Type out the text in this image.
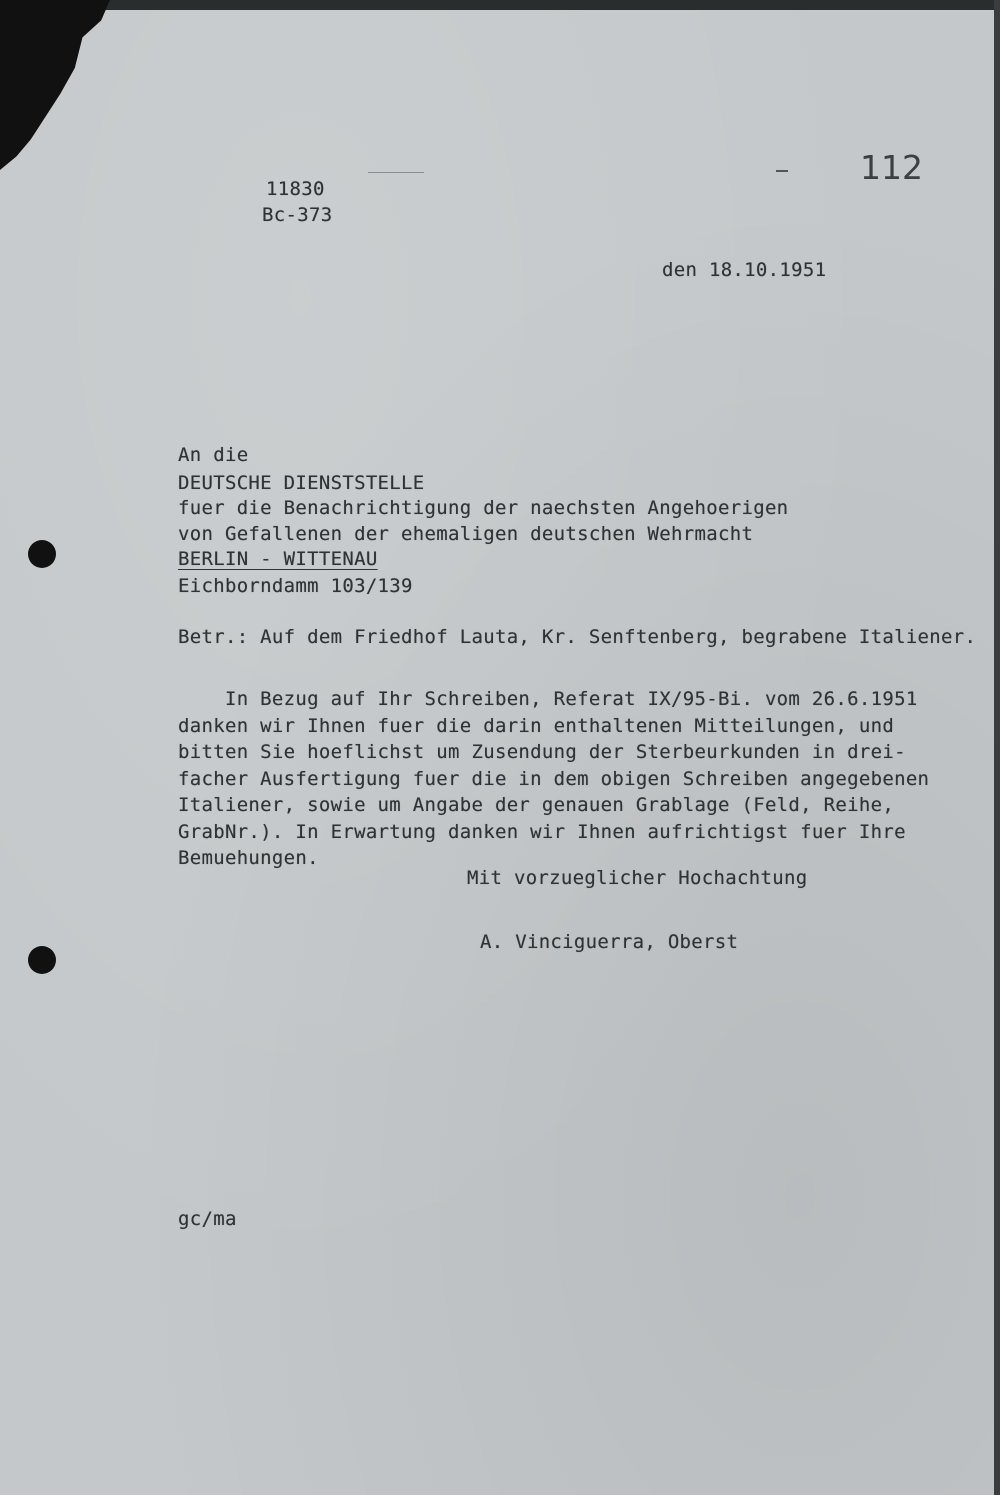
11830
Bc-373
112
den 18.10.1951
An die
DEUTSCHE DIENSTSTELLE
fuer die Benachrichtigung der naechsten Angehoerigen
von Gefallenen der ehemaligen deutschen Wehrmacht
BERLIN - WITTENAU
Eichborndamm 103/139
Betr.: Auf dem Friedhof Lauta, Kr. Senftenberg, begrabene Italiener.
In Bezug auf Ihr Schreiben, Referat IX/95-Bi. vom 26.6.1951
danken wir Ihnen fuer die darin enthaltenen Mitteilungen, und
bitten Sie hoeflichst um Zusendung der Sterbeurkunden in drei-
facher Ausfertigung fuer die in dem obigen Schreiben angegebenen
Italiener, sowie um Angabe der genauen Grablage (Feld, Reihe,
GrabNr.). In Erwartung danken wir Ihnen aufrichtigst fuer Ihre
Bemuehungen.
Mit vorzueglicher Hochachtung
A. Vinciguerra, Oberst
gc/ma
